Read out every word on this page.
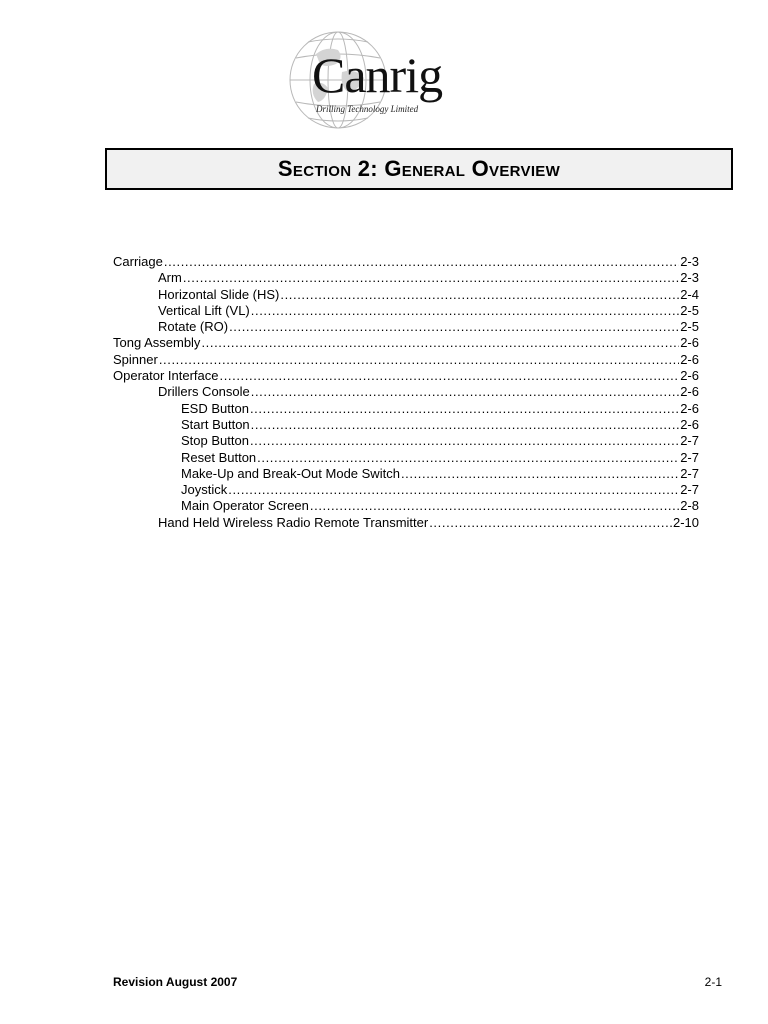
Canrig
Drilling Technology Limited
Section 2: General Overview
Carriage .....	2-3
Arm .....	2-3
Horizontal Slide (HS) .....	2-4
Vertical Lift (VL) .....	2-5
Rotate (RO) .....	2-5
Tong Assembly .....	2-6
Spinner .....	2-6
Operator Interface .....	2-6
Drillers Console .....	2-6
ESD Button .....	2-6
Start Button .....	2-6
Stop Button .....	2-7
Reset Button .....	2-7
Make-Up and Break-Out Mode Switch .....	2-7
Joystick .....	2-7
Main Operator Screen .....	2-8
Hand Held Wireless Radio Remote Transmitter .....	2-10
Revision August 2007	2-1
